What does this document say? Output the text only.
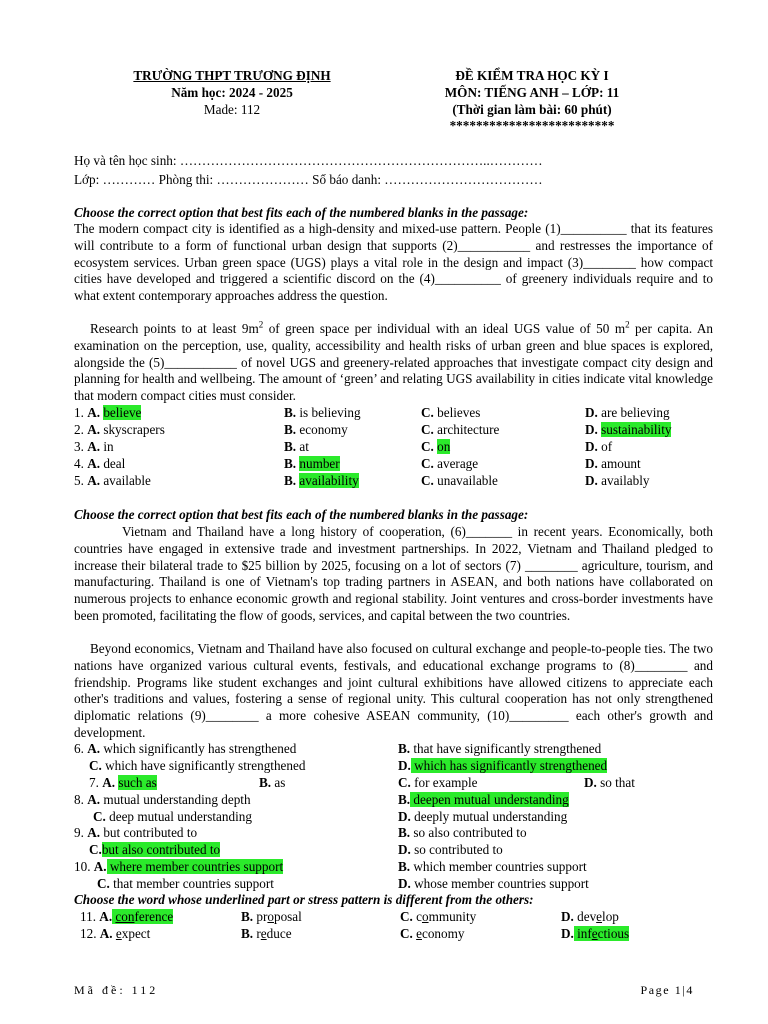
TRƯỜNG THPT TRƯƠNG ĐỊNH
Năm học: 2024 - 2025
Made: 112
ĐỀ KIỂM TRA HỌC KỲ I
MÔN: TIẾNG ANH – LỚP: 11
(Thời gian làm bài: 60 phút)
*************************
Họ và tên học sinh: ……………………………………………………………..…………
Lớp: ………… Phòng thi: ………………… Số báo danh: ………………………………
Choose the correct option that best fits each of the numbered blanks in the passage:
The modern compact city is identified as a high-density and mixed-use pattern. People (1)__________ that its features will contribute to a form of functional urban design that supports (2)___________ and restresses the importance of ecosystem services. Urban green space (UGS) plays a vital role in the design and impact (3)________ how compact cities have developed and triggered a scientific discord on the (4)__________ of greenery individuals require and to what extent contemporary approaches address the question.
Research points to at least $9m^2$ of green space per individual with an ideal UGS value of 50 $m^2$ per capita. An examination on the perception, use, quality, accessibility and health risks of urban green and blue spaces is explored, alongside the (5)___________ of novel UGS and greenery-related approaches that investigate compact city design and planning for health and wellbeing. The amount of ‘green’ and relating UGS availability in cities indicate vital knowledge that modern compact cities must consider.
1. A. believe	B. is believing	C. believes	D. are believing
2. A. skyscrapers	B. economy	C. architecture	D. sustainability
3. A. in	B. at	C. on	D. of
4. A. deal	B. number	C. average	D. amount
5. A. available	B. availability	C. unavailable	D. availably
Choose the correct option that best fits each of the numbered blanks in the passage:
Vietnam and Thailand have a long history of cooperation, (6)_______ in recent years. Economically, both countries have engaged in extensive trade and investment partnerships. In 2022, Vietnam and Thailand pledged to increase their bilateral trade to $25 billion by 2025, focusing on a lot of sectors (7) ________ agriculture, tourism, and manufacturing. Thailand is one of Vietnam's top trading partners in ASEAN, and both nations have collaborated on numerous projects to enhance economic growth and regional stability. Joint ventures and cross-border investments have been promoted, facilitating the flow of goods, services, and capital between the two countries.
Beyond economics, Vietnam and Thailand have also focused on cultural exchange and people-to-people ties. The two nations have organized various cultural events, festivals, and educational exchange programs to (8)________ and friendship. Programs like student exchanges and joint cultural exhibitions have allowed citizens to appreciate each other's traditions and values, fostering a sense of regional unity. This cultural cooperation has not only strengthened diplomatic relations (9)________ a more cohesive ASEAN community, (10)_________ each other's growth and development.
6. A. which significantly has strengthened	B. that have significantly strengthened
C. which have significantly strengthened	D. which has significantly strengthened
7. A. such as	B. as	C. for example	D. so that
8. A. mutual understanding depth	B. deepen mutual understanding
C. deep mutual understanding	D. deeply mutual understanding
9. A. but contributed to	B. so also contributed to
C.but also contributed to	D. so contributed to
10. A. where member countries support	B. which member countries support
C. that member countries support	D. whose member countries support
Choose the word whose underlined part or stress pattern is different from the others:
11. A. conference	B. proposal	C. community	D. develop
12. A. expect	B. reduce	C. economy	D. infectious
Mã đề: 112	Page 1|4
